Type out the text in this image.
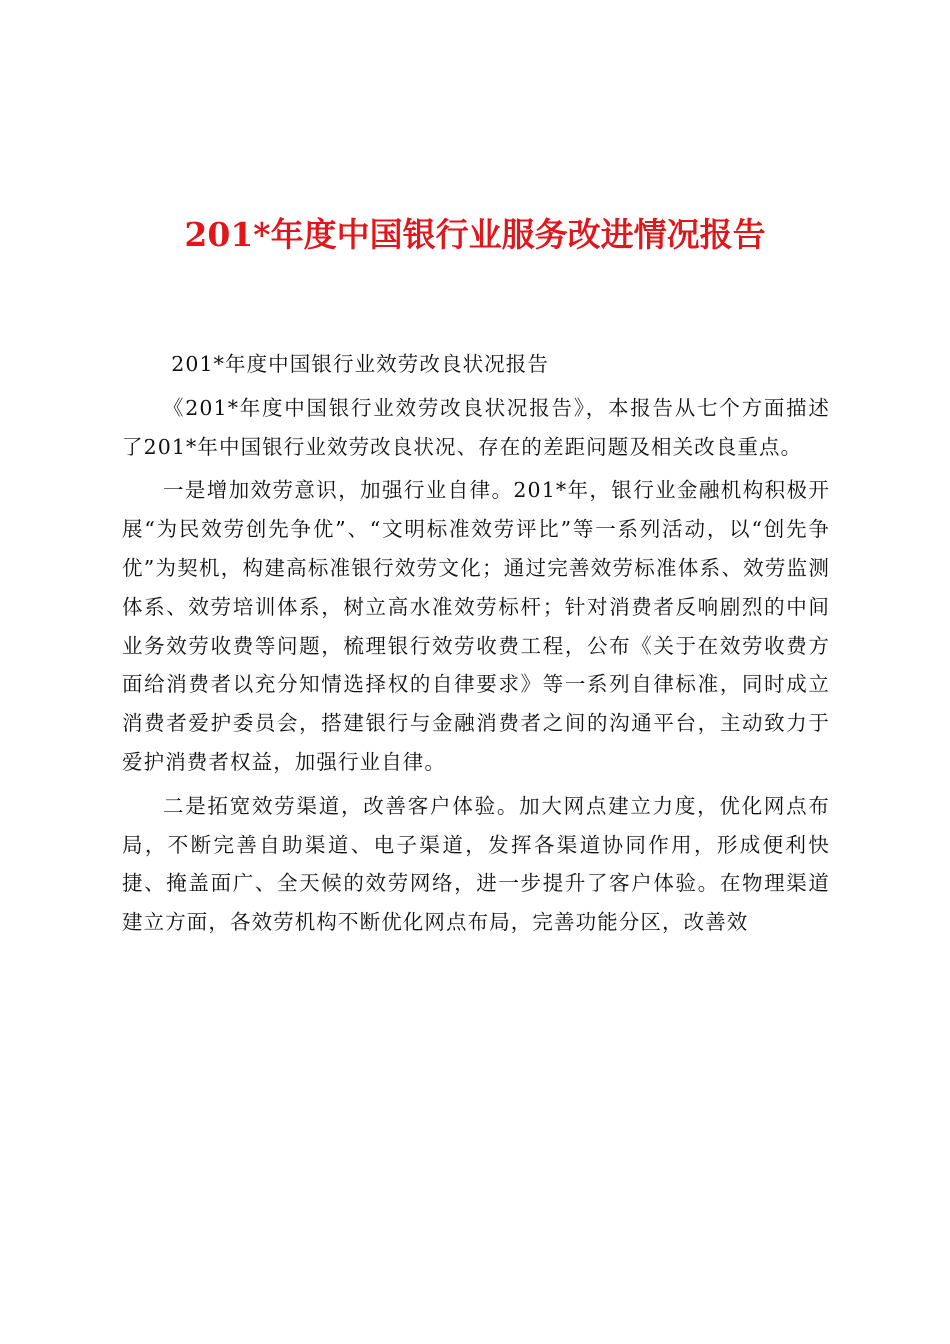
201*年度中国银行业服务改进情况报告

201*年度中国银行业效劳改良状况报告

《201*年度中国银行业效劳改良状况报告》，本报告从七个方面描述了201*年中国银行业效劳改良状况、存在的差距问题及相关改良重点。

一是增加效劳意识，加强行业自律。201*年，银行业金融机构积极开展“为民效劳创先争优”、“文明标准效劳评比”等一系列活动，以“创先争优”为契机，构建高标准银行效劳文化；通过完善效劳标准体系、效劳监测体系、效劳培训体系，树立高水准效劳标杆；针对消费者反响剧烈的中间业务效劳收费等问题，梳理银行效劳收费工程，公布《关于在效劳收费方面给消费者以充分知情选择权的自律要求》等一系列自律标准，同时成立消费者爱护委员会，搭建银行与金融消费者之间的沟通平台，主动致力于爱护消费者权益，加强行业自律。

二是拓宽效劳渠道，改善客户体验。加大网点建立力度，优化网点布局，不断完善自助渠道、电子渠道，发挥各渠道协同作用，形成便利快捷、掩盖面广、全天候的效劳网络，进一步提升了客户体验。在物理渠道建立方面，各效劳机构不断优化网点布局，完善功能分区，改善效
